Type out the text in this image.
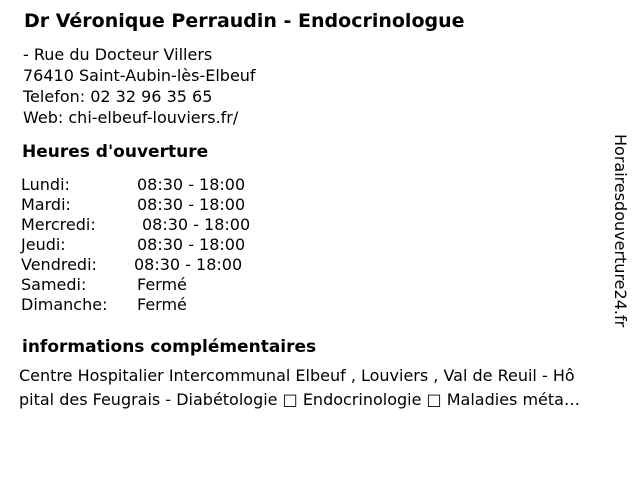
Dr Véronique Perraudin - Endocrinologue
- Rue du Docteur Villers
76410 Saint-Aubin-lès-Elbeuf
Telefon: 02 32 96 35 65
Web: chi-elbeuf-louviers.fr/
Heures d'ouverture
Lundi:	08:30 - 18:00
Mardi:	08:30 - 18:00
Mercredi:	08:30 - 18:00
Jeudi:	08:30 - 18:00
Vendredi:	08:30 - 18:00
Samedi:	Fermé
Dimanche:	Fermé
informations complémentaires
Centre Hospitalier Intercommunal Elbeuf , Louviers , Val de Reuil - Hô
pital des Feugrais - Diabétologie □ Endocrinologie □ Maladies méta…
Horairesdouverture24.fr
